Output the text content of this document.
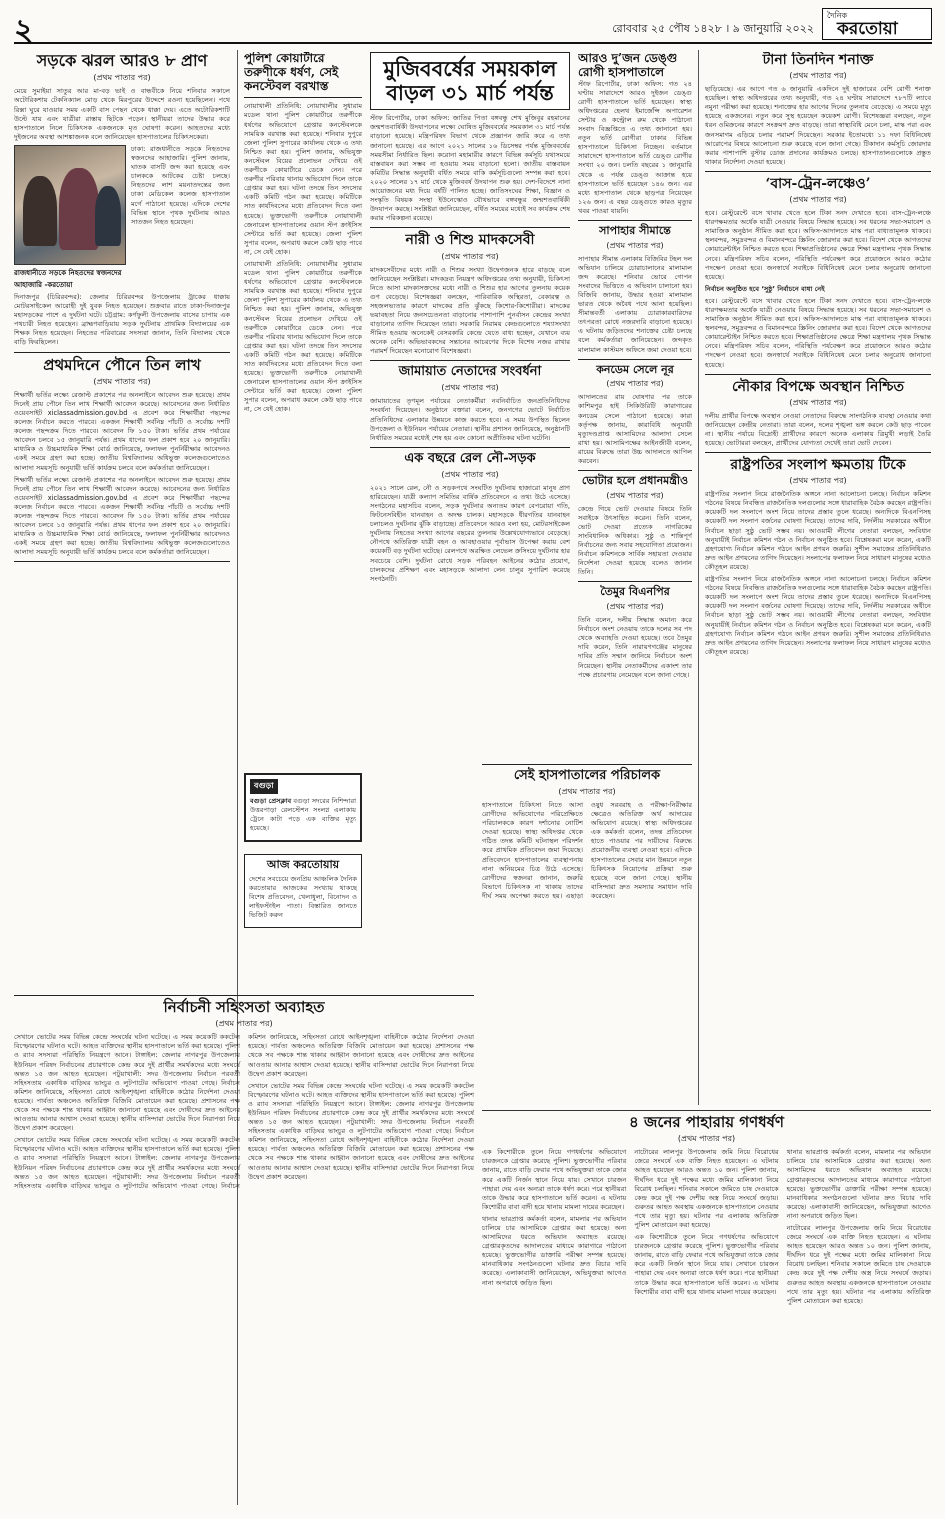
২	রোববার ২৫ পৌষ ১৪২৮ । ৯ জানুয়ারি ২০২২
দৈনিক
করতোয়া
সড়কে ঝরল আরও ৮ প্রাণ
(প্রথম পাতার পর)

মেয়ে সুমাইয়া সাতুর আর মা-বড় ভাই ও বান্ধবীকে নিয়ে শনিবার সকালে অটোরিকশায় টেকনিক্যাল মোড় থেকে মিরপুরের উদ্দেশে রওনা হয়েছিলেন। পথে রিক্সা ঘুরে যাওয়ার সময় একটি বাস পেছন থেকে ধাক্কা দেয়। এতে অটোরিকশাটি উল্টে যায় এবং যাত্রীরা রাস্তায় ছিটকে পড়েন। স্থানীয়রা তাদের উদ্ধার করে হাসপাতালে নিলে চিকিৎসক একজনকে মৃত ঘোষণা করেন। আহতদের মধ্যে দুইজনের অবস্থা আশঙ্কাজনক বলে জানিয়েছেন হাসপাতালের চিকিৎসকেরা।

রাজধানীতে সড়কে নিহতদের স্বজনদের আহাজারি -করতোয়া

ঢাকা: রাজধানীতে সড়কে নিহতদের স্বজনদের আহাজারি। পুলিশ জানায়, ঘাতক বাসটি জব্দ করা হয়েছে এবং চালককে আটকের চেষ্টা চলছে। নিহতদের লাশ ময়নাতদন্তের জন্য ঢাকা মেডিকেল কলেজ হাসপাতাল মর্গে পাঠানো হয়েছে। এদিকে দেশের বিভিন্ন স্থানে পৃথক দুর্ঘটনায় আরও সাতজন নিহত হয়েছেন।

দিনাজপুর (চিরিরবন্দর): জেলার চিরিরবন্দর উপজেলায় ট্রাকের ধাক্কায় মোটরসাইকেল আরোহী দুই যুবক নিহত হয়েছেন। শুক্রবার রাতে ঢাকা-দিনাজপুর মহাসড়কের পাশে এ দুর্ঘটনা ঘটে। চট্টগ্রাম: কর্ণফুলী উপজেলায় বাসের চাপায় এক পথচারী নিহত হয়েছেন। ব্রাহ্মণবাড়িয়ায় সড়ক দুর্ঘটনায় প্রাথমিক বিদ্যালয়ের এক শিক্ষক নিহত হয়েছেন। নিহতের পরিবারের সদস্যরা জানান, তিনি বিদ্যালয় থেকে বাড়ি ফিরছিলেন।

প্রথমদিনে পৌনে তিন লাখ
(প্রথম পাতার পর)

শিক্ষার্থী ভর্তির লক্ষ্যে রেজাল্ট প্রকাশের পর অনলাইনে আবেদন শুরু হয়েছে। প্রথম দিনেই প্রায় পৌনে তিন লাখ শিক্ষার্থী আবেদন করেছে। আবেদনের জন্য নির্ধারিত ওয়েবসাইট xiclassadmission.gov.bd এ প্রবেশ করে শিক্ষার্থীরা পছন্দের কলেজ নির্বাচন করতে পারবে। একজন শিক্ষার্থী সর্বনিম্ন পাঁচটি ও সর্বোচ্চ দশটি কলেজ পছন্দক্রম দিতে পারবে। আবেদন ফি ১৫০ টাকা। ভর্তির প্রথম পর্যায়ের আবেদন চলবে ১৫ জানুয়ারি পর্যন্ত। প্রথম ধাপের ফল প্রকাশ হবে ২০ জানুয়ারি। মাধ্যমিক ও উচ্চমাধ্যমিক শিক্ষা বোর্ড জানিয়েছে, ফলাফল পুনর্নিরীক্ষার আবেদনও একই সময়ে গ্রহণ করা হচ্ছে। জাতীয় বিশ্ববিদ্যালয় অধিভুক্ত কলেজগুলোতেও আলাদা সময়সূচি অনুযায়ী ভর্তি কার্যক্রম চলবে বলে কর্মকর্তারা জানিয়েছেন।

শিক্ষার্থী ভর্তির লক্ষ্যে রেজাল্ট প্রকাশের পর অনলাইনে আবেদন শুরু হয়েছে। প্রথম দিনেই প্রায় পৌনে তিন লাখ শিক্ষার্থী আবেদন করেছে। আবেদনের জন্য নির্ধারিত ওয়েবসাইট xiclassadmission.gov.bd এ প্রবেশ করে শিক্ষার্থীরা পছন্দের কলেজ নির্বাচন করতে পারবে। একজন শিক্ষার্থী সর্বনিম্ন পাঁচটি ও সর্বোচ্চ দশটি কলেজ পছন্দক্রম দিতে পারবে। আবেদন ফি ১৫০ টাকা। ভর্তির প্রথম পর্যায়ের আবেদন চলবে ১৫ জানুয়ারি পর্যন্ত। প্রথম ধাপের ফল প্রকাশ হবে ২০ জানুয়ারি। মাধ্যমিক ও উচ্চমাধ্যমিক শিক্ষা বোর্ড জানিয়েছে, ফলাফল পুনর্নিরীক্ষার আবেদনও একই সময়ে গ্রহণ করা হচ্ছে। জাতীয় বিশ্ববিদ্যালয় অধিভুক্ত কলেজগুলোতেও আলাদা সময়সূচি অনুযায়ী ভর্তি কার্যক্রম চলবে বলে কর্মকর্তারা জানিয়েছেন।

নির্বাচনী সহিংসতা অব্যাহত
(প্রথম পাতার পর)

সেখানে ভোটের সময় বিভিন্ন কেন্দ্রে সংঘর্ষের ঘটনা ঘটেছে। এ সময় কয়েকটি ককটেল বিস্ফোরণের ঘটনাও ঘটে। আহত ব্যক্তিদের স্থানীয় হাসপাতালে ভর্তি করা হয়েছে। পুলিশ ও র‌্যাব সদস্যরা পরিস্থিতি নিয়ন্ত্রণে আনে। টাঙ্গাইল: জেলার নাগরপুর উপজেলায় ইউনিয়ন পরিষদ নির্বাচনের প্রচারণাকে কেন্দ্র করে দুই প্রার্থীর সমর্থকদের মধ্যে সংঘর্ষে অন্তত ১৫ জন আহত হয়েছেন। পটুয়াখালী: সদর উপজেলায় নির্বাচন পরবর্তী সহিংসতায় একাধিক বাড়িঘর ভাংচুর ও লুটপাটের অভিযোগ পাওয়া গেছে। নির্বাচন কমিশন জানিয়েছে, সহিংসতা রোধে আইনশৃঙ্খলা বাহিনীকে কঠোর নির্দেশনা দেওয়া হয়েছে। পার্বত্য অঞ্চলেও অতিরিক্ত বিজিবি মোতায়েন করা হয়েছে। প্রশাসনের পক্ষ থেকে সব পক্ষকে শান্ত থাকার আহ্বান জানানো হয়েছে এবং দোষীদের দ্রুত আইনের আওতায় আনার আশ্বাস দেওয়া হয়েছে। স্থানীয় বাসিন্দারা ভোটের দিনে নিরাপত্তা নিয়ে উদ্বেগ প্রকাশ করেছেন।

সেখানে ভোটের সময় বিভিন্ন কেন্দ্রে সংঘর্ষের ঘটনা ঘটেছে। এ সময় কয়েকটি ককটেল বিস্ফোরণের ঘটনাও ঘটে। আহত ব্যক্তিদের স্থানীয় হাসপাতালে ভর্তি করা হয়েছে। পুলিশ ও র‌্যাব সদস্যরা পরিস্থিতি নিয়ন্ত্রণে আনে। টাঙ্গাইল: জেলার নাগরপুর উপজেলায় ইউনিয়ন পরিষদ নির্বাচনের প্রচারণাকে কেন্দ্র করে দুই প্রার্থীর সমর্থকদের মধ্যে সংঘর্ষে অন্তত ১৫ জন আহত হয়েছেন। পটুয়াখালী: সদর উপজেলায় নির্বাচন পরবর্তী সহিংসতায় একাধিক বাড়িঘর ভাংচুর ও লুটপাটের অভিযোগ পাওয়া গেছে। নির্বাচন কমিশন জানিয়েছে, সহিংসতা রোধে আইনশৃঙ্খলা বাহিনীকে কঠোর নির্দেশনা দেওয়া হয়েছে। পার্বত্য অঞ্চলেও অতিরিক্ত বিজিবি মোতায়েন করা হয়েছে। প্রশাসনের পক্ষ থেকে সব পক্ষকে শান্ত থাকার আহ্বান জানানো হয়েছে এবং দোষীদের দ্রুত আইনের আওতায় আনার আশ্বাস দেওয়া হয়েছে। স্থানীয় বাসিন্দারা ভোটের দিনে নিরাপত্তা নিয়ে উদ্বেগ প্রকাশ করেছেন।

সেখানে ভোটের সময় বিভিন্ন কেন্দ্রে সংঘর্ষের ঘটনা ঘটেছে। এ সময় কয়েকটি ককটেল বিস্ফোরণের ঘটনাও ঘটে। আহত ব্যক্তিদের স্থানীয় হাসপাতালে ভর্তি করা হয়েছে। পুলিশ ও র‌্যাব সদস্যরা পরিস্থিতি নিয়ন্ত্রণে আনে। টাঙ্গাইল: জেলার নাগরপুর উপজেলায় ইউনিয়ন পরিষদ নির্বাচনের প্রচারণাকে কেন্দ্র করে দুই প্রার্থীর সমর্থকদের মধ্যে সংঘর্ষে অন্তত ১৫ জন আহত হয়েছেন। পটুয়াখালী: সদর উপজেলায় নির্বাচন পরবর্তী সহিংসতায় একাধিক বাড়িঘর ভাংচুর ও লুটপাটের অভিযোগ পাওয়া গেছে। নির্বাচন কমিশন জানিয়েছে, সহিংসতা রোধে আইনশৃঙ্খলা বাহিনীকে কঠোর নির্দেশনা দেওয়া হয়েছে। পার্বত্য অঞ্চলেও অতিরিক্ত বিজিবি মোতায়েন করা হয়েছে। প্রশাসনের পক্ষ থেকে সব পক্ষকে শান্ত থাকার আহ্বান জানানো হয়েছে এবং দোষীদের দ্রুত আইনের আওতায় আনার আশ্বাস দেওয়া হয়েছে। স্থানীয় বাসিন্দারা ভোটের দিনে নিরাপত্তা নিয়ে উদ্বেগ প্রকাশ করেছেন।

পুলিশ কোয়ার্টারে তরুণীকে ধর্ষণ, সেই কনস্টেবল বরখাস্ত

নোয়াখালী প্রতিনিধি: নোয়াখালীর সুধারাম মডেল থানা পুলিশ কোয়ার্টারে তরুণীকে ধর্ষণের অভিযোগে গ্রেপ্তার কনস্টেবলকে সাময়িক বরখাস্ত করা হয়েছে। শনিবার দুপুরে জেলা পুলিশ সুপারের কার্যালয় থেকে এ তথ্য নিশ্চিত করা হয়। পুলিশ জানায়, অভিযুক্ত কনস্টেবল বিয়ের প্রলোভন দেখিয়ে ওই তরুণীকে কোয়ার্টারে ডেকে নেন। পরে তরুণীর পরিবার থানায় অভিযোগ দিলে তাকে গ্রেপ্তার করা হয়। ঘটনা তদন্তে তিন সদস্যের একটি কমিটি গঠন করা হয়েছে। কমিটিকে সাত কার্যদিবসের মধ্যে প্রতিবেদন দিতে বলা হয়েছে। ভুক্তভোগী তরুণীকে নোয়াখালী জেনারেল হাসপাতালের ওয়ান স্টপ ক্রাইসিস সেন্টারে ভর্তি করা হয়েছে। জেলা পুলিশ সুপার বলেন, অপরাধ করলে কেউ ছাড় পাবে না, সে যেই হোক।

নোয়াখালী প্রতিনিধি: নোয়াখালীর সুধারাম মডেল থানা পুলিশ কোয়ার্টারে তরুণীকে ধর্ষণের অভিযোগে গ্রেপ্তার কনস্টেবলকে সাময়িক বরখাস্ত করা হয়েছে। শনিবার দুপুরে জেলা পুলিশ সুপারের কার্যালয় থেকে এ তথ্য নিশ্চিত করা হয়। পুলিশ জানায়, অভিযুক্ত কনস্টেবল বিয়ের প্রলোভন দেখিয়ে ওই তরুণীকে কোয়ার্টারে ডেকে নেন। পরে তরুণীর পরিবার থানায় অভিযোগ দিলে তাকে গ্রেপ্তার করা হয়। ঘটনা তদন্তে তিন সদস্যের একটি কমিটি গঠন করা হয়েছে। কমিটিকে সাত কার্যদিবসের মধ্যে প্রতিবেদন দিতে বলা হয়েছে। ভুক্তভোগী তরুণীকে নোয়াখালী জেনারেল হাসপাতালের ওয়ান স্টপ ক্রাইসিস সেন্টারে ভর্তি করা হয়েছে। জেলা পুলিশ সুপার বলেন, অপরাধ করলে কেউ ছাড় পাবে না, সে যেই হোক।

বগুড়া

বগুড়া প্রেসক্লাব বগুড়া সদরের নিশিন্দারা উত্তরপাড়া রেলস্টেশন সংলগ্ন এলাকায় ট্রেনে কাটা পড়ে এক ব্যক্তির মৃত্যু হয়েছে।

আজ করতোয়ায়

দেশের সবচেয়ে জনপ্রিয় আঞ্চলিক দৈনিক করতোয়ার আজকের সংখ্যায় থাকছে বিশেষ প্রতিবেদন, খেলাধুলা, বিনোদন ও লাইফস্টাইল পাতা। বিস্তারিত জানতে ভিজিট করুন

মুজিববর্ষের সময়কাল বাড়ল ৩১ মার্চ পর্যন্ত

স্টাফ রিপোর্টার, ঢাকা অফিস: জাতির পিতা বঙ্গবন্ধু শেখ মুজিবুর রহমানের জন্মশতবার্ষিকী উদযাপনের লক্ষ্যে ঘোষিত মুজিববর্ষের সময়কাল ৩১ মার্চ পর্যন্ত বাড়ানো হয়েছে। মন্ত্রিপরিষদ বিভাগ থেকে প্রজ্ঞাপন জারি করে এ তথ্য জানানো হয়েছে। এর আগে ২০২১ সালের ১৬ ডিসেম্বর পর্যন্ত মুজিববর্ষের সময়সীমা নির্ধারিত ছিল। করোনা মহামারীর কারণে বিভিন্ন কর্মসূচি যথাসময়ে বাস্তবায়ন করা সম্ভব না হওয়ায় সময় বাড়ানো হলো। জাতীয় বাস্তবায়ন কমিটির সিদ্ধান্ত অনুযায়ী বর্ধিত সময়ে বাকি কর্মসূচিগুলো সম্পন্ন করা হবে। ২০২০ সালের ১৭ মার্চ থেকে মুজিববর্ষ উদযাপন শুরু হয়। দেশ-বিদেশে নানা আয়োজনের মধ্য দিয়ে বর্ষটি পালিত হচ্ছে। জাতিসংঘের শিক্ষা, বিজ্ঞান ও সংস্কৃতি বিষয়ক সংস্থা ইউনেস্কোও যৌথভাবে বঙ্গবন্ধুর জন্মশতবার্ষিকী উদযাপন করছে। সংশ্লিষ্টরা জানিয়েছেন, বর্ধিত সময়ের মধ্যেই সব কার্যক্রম শেষ করার পরিকল্পনা রয়েছে।

নারী ও শিশু মাদকসেবী
(প্রথম পাতার পর)

মাদকসেবীদের মধ্যে নারী ও শিশুর সংখ্যা উদ্বেগজনক হারে বাড়ছে বলে জানিয়েছেন সংশ্লিষ্টরা। মাদকদ্রব্য নিয়ন্ত্রণ অধিদপ্তরের তথ্য অনুযায়ী, চিকিৎসা নিতে আসা মাদকাসক্তদের মধ্যে নারী ও শিশুর হার আগের তুলনায় কয়েক গুণ বেড়েছে। বিশেষজ্ঞরা বলছেন, পারিবারিক অস্থিরতা, বেকারত্ব ও সহজলভ্যতার কারণে মাদকের প্রতি ঝুঁকছে কিশোর-কিশোরীরা। মাদকের ভয়াবহতা নিয়ে জনসচেতনতা বাড়ানোর পাশাপাশি পুনর্বাসন কেন্দ্রের সংখ্যা বাড়ানোর তাগিদ দিয়েছেন তারা। সরকারি নিরাময় কেন্দ্রগুলোতে শয্যাসংখ্যা সীমিত হওয়ায় অনেকেই বেসরকারি কেন্দ্রে যেতে বাধ্য হচ্ছেন, যেখানে ব্যয় অনেক বেশি। অভিভাবকদের সন্তানের আচরণের দিকে বিশেষ নজর রাখার পরামর্শ দিয়েছেন মনোরোগ বিশেষজ্ঞরা।

জামায়াত নেতাদের সংবর্ধনা
(প্রথম পাতার পর)

জামায়াতের তৃণমূল পর্যায়ের নেতাকর্মীরা নবনির্বাচিত জনপ্রতিনিধিদের সংবর্ধনা দিয়েছেন। অনুষ্ঠানে বক্তারা বলেন, জনগণের ভোটে নির্বাচিত প্রতিনিধিদের এলাকার উন্নয়নে কাজ করতে হবে। এ সময় উপস্থিত ছিলেন উপজেলা ও ইউনিয়ন পর্যায়ের নেতারা। স্থানীয় প্রশাসন জানিয়েছে, অনুষ্ঠানটি নির্ধারিত সময়ের মধ্যেই শেষ হয় এবং কোনো অপ্রীতিকর ঘটনা ঘটেনি।

এক বছরে রেল নৌ-সড়ক
(প্রথম পাতার পর)

২০২১ সালে রেল, নৌ ও সড়কপথে সংঘটিত দুর্ঘটনায় হাজারো মানুষ প্রাণ হারিয়েছেন। যাত্রী কল্যাণ সমিতির বার্ষিক প্রতিবেদনে এ তথ্য উঠে এসেছে। সংগঠনের মহাসচিব বলেন, সড়ক দুর্ঘটনার অন্যতম কারণ বেপরোয়া গতি, ফিটনেসবিহীন যানবাহন ও অদক্ষ চালক। মহাসড়কে ধীরগতির যানবাহন চলাচলও দুর্ঘটনার ঝুঁকি বাড়াচ্ছে। প্রতিবেদনে আরও বলা হয়, মোটরসাইকেল দুর্ঘটনায় নিহতের সংখ্যা আগের বছরের তুলনায় উল্লেখযোগ্যভাবে বেড়েছে। নৌপথে অতিরিক্ত যাত্রী বহন ও আবহাওয়ার পূর্বাভাস উপেক্ষা করায় বেশ কয়েকটি বড় দুর্ঘটনা ঘটেছে। রেলপথে অরক্ষিত লেভেল ক্রসিংয়ে দুর্ঘটনার হার সবচেয়ে বেশি। দুর্ঘটনা রোধে সড়ক পরিবহন আইনের কঠোর প্রয়োগ, চালকদের প্রশিক্ষণ এবং মহাসড়কে আলাদা লেন চালুর সুপারিশ করেছে সংগঠনটি।

আরও দু’জন ডেঙ্গু রোগী হাসপাতালে

স্টাফ রিপোর্টার, ঢাকা অফিস: গত ২৪ ঘণ্টায় সারাদেশে আরও দুইজন ডেঙ্গু রোগী হাসপাতালে ভর্তি হয়েছেন। স্বাস্থ্য অধিদপ্তরের হেলথ ইমার্জেন্সি অপারেশন সেন্টার ও কন্ট্রোল রুম থেকে পাঠানো সংবাদ বিজ্ঞপ্তিতে এ তথ্য জানানো হয়। নতুন ভর্তি রোগীরা ঢাকার বিভিন্ন হাসপাতালে চিকিৎসা নিচ্ছেন। বর্তমানে সারাদেশে হাসপাতালে ভর্তি ডেঙ্গু রোগীর সংখ্যা ২০ জন। চলতি বছরের ১ জানুয়ারি থেকে এ পর্যন্ত ডেঙ্গু আক্রান্ত হয়ে হাসপাতালে ভর্তি হয়েছেন ১৪৬ জন। এর মধ্যে হাসপাতাল থেকে ছাড়পত্র নিয়েছেন ১২৬ জন। এ বছর ডেঙ্গুতে কারও মৃত্যুর খবর পাওয়া যায়নি।

সাপাহার সীমান্তে
(প্রথম পাতার পর)

সাপাহার সীমান্ত এলাকায় বিজিবির টহল দল অভিযান চালিয়ে চোরাচালানের মালামাল জব্দ করেছে। শনিবার ভোরে গোপন সংবাদের ভিত্তিতে এ অভিযান চালানো হয়। বিজিবি জানায়, উদ্ধার হওয়া মালামাল ভারত থেকে অবৈধ পথে আনা হয়েছিল। সীমান্তবর্তী এলাকায় চোরাকারবারিদের তৎপরতা রোধে নজরদারি বাড়ানো হয়েছে। এ ঘটনায় জড়িতদের শনাক্তের চেষ্টা চলছে বলে কর্মকর্তারা জানিয়েছেন। জব্দকৃত মালামাল কাস্টমস অফিসে জমা দেওয়া হবে।

কনডেম সেলে নূর
(প্রথম পাতার পর)

আদালতের রায় ঘোষণার পর তাকে কাশিমপুর হাই সিকিউরিটি কারাগারের কনডেম সেলে পাঠানো হয়েছে। কারা কর্তৃপক্ষ জানায়, কারাবিধি অনুযায়ী মৃত্যুদণ্ডপ্রাপ্ত আসামিদের আলাদা সেলে রাখা হয়। আসামিপক্ষের আইনজীবী বলেন, রায়ের বিরুদ্ধে তারা উচ্চ আদালতে আপিল করবেন।

ভোটার হলে প্রধানমন্ত্রীও
(প্রথম পাতার পর)

কেন্দ্রে গিয়ে ভোট দেওয়ার বিষয়ে তিনি সবাইকে উৎসাহিত করেন। তিনি বলেন, ভোট দেওয়া প্রত্যেক নাগরিকের সাংবিধানিক অধিকার। সুষ্ঠু ও শান্তিপূর্ণ নির্বাচনের জন্য সবার সহযোগিতা প্রয়োজন। নির্বাচন কমিশনকে সার্বিক সহায়তা দেওয়ার নির্দেশনা দেওয়া হয়েছে বলেও জানান তিনি।

তৈমুর বিএনপির
(প্রথম পাতার পর)

তিনি বলেন, দলীয় সিদ্ধান্ত অমান্য করে নির্বাচনে অংশ নেওয়ায় তাকে দলের সব পদ থেকে অব্যাহতি দেওয়া হয়েছে। তবে তৈমুর দাবি করেন, তিনি নারায়ণগঞ্জের মানুষের দাবির প্রতি সম্মান জানিয়ে নির্বাচনে অংশ নিয়েছেন। স্থানীয় নেতাকর্মীদের একাংশ তার পক্ষে প্রচারণায় নেমেছেন বলে জানা গেছে।

টানা তিনদিন শনাক্ত
(প্রথম পাতার পর)

ছাড়িয়েছে। এর আগে গত ৬ জানুয়ারি একদিনে দুই হাজারের বেশি রোগী শনাক্ত হয়েছিল। স্বাস্থ্য অধিদপ্তরের তথ্য অনুযায়ী, গত ২৪ ঘণ্টায় সারাদেশে ৭৮৭টি ল্যাবে নমুনা পরীক্ষা করা হয়েছে। শনাক্তের হার আগের দিনের তুলনায় বেড়েছে। এ সময়ে মৃত্যু হয়েছে একজনের। নতুন করে সুস্থ হয়েছেন কয়েকশ রোগী। বিশেষজ্ঞরা বলছেন, নতুন ধরন ওমিক্রনের কারণে সংক্রমণ দ্রুত বাড়ছে। তারা স্বাস্থ্যবিধি মেনে চলা, মাস্ক পরা এবং জনসমাগম এড়িয়ে চলার পরামর্শ দিয়েছেন। সরকার ইতোমধ্যে ১১ দফা বিধিনিষেধ আরোপের বিষয়ে আলোচনা শুরু করেছে বলে জানা গেছে। টিকাদান কর্মসূচি জোরদার করার পাশাপাশি বুস্টার ডোজ প্রদানের কার্যক্রমও চলছে। হাসপাতালগুলোকে প্রস্তুত থাকার নির্দেশনা দেওয়া হয়েছে।

‘বাস-ট্রেন-লঞ্চেও’
(প্রথম পাতার পর)

হবে। রেস্টুরেন্টে বসে খাবার খেতে হলে টিকা সনদ দেখাতে হবে। বাস-ট্রেন-লঞ্চে ধারণক্ষমতার অর্ধেক যাত্রী নেওয়ার বিষয়ে সিদ্ধান্ত হয়েছে। সব ধরনের সভা-সমাবেশ ও সামাজিক অনুষ্ঠান সীমিত করা হবে। অফিস-আদালতে মাস্ক পরা বাধ্যতামূলক থাকবে। স্থলবন্দর, সমুদ্রবন্দর ও বিমানবন্দরে স্ক্রিনিং জোরদার করা হবে। বিদেশ থেকে আগতদের কোয়ারেন্টাইন নিশ্চিত করতে হবে। শিক্ষাপ্রতিষ্ঠানের ক্ষেত্রে শিক্ষা মন্ত্রণালয় পৃথক সিদ্ধান্ত নেবে। মন্ত্রিপরিষদ সচিব বলেন, পরিস্থিতি পর্যবেক্ষণ করে প্রয়োজনে আরও কঠোর পদক্ষেপ নেওয়া হবে। জনস্বার্থে সবাইকে বিধিনিষেধ মেনে চলার অনুরোধ জানানো হয়েছে।

নির্বাচন অনুষ্ঠিত হবে ‘সুষ্ঠু’ নির্বাচনে বাধা নেই

হবে। রেস্টুরেন্টে বসে খাবার খেতে হলে টিকা সনদ দেখাতে হবে। বাস-ট্রেন-লঞ্চে ধারণক্ষমতার অর্ধেক যাত্রী নেওয়ার বিষয়ে সিদ্ধান্ত হয়েছে। সব ধরনের সভা-সমাবেশ ও সামাজিক অনুষ্ঠান সীমিত করা হবে। অফিস-আদালতে মাস্ক পরা বাধ্যতামূলক থাকবে। স্থলবন্দর, সমুদ্রবন্দর ও বিমানবন্দরে স্ক্রিনিং জোরদার করা হবে। বিদেশ থেকে আগতদের কোয়ারেন্টাইন নিশ্চিত করতে হবে। শিক্ষাপ্রতিষ্ঠানের ক্ষেত্রে শিক্ষা মন্ত্রণালয় পৃথক সিদ্ধান্ত নেবে। মন্ত্রিপরিষদ সচিব বলেন, পরিস্থিতি পর্যবেক্ষণ করে প্রয়োজনে আরও কঠোর পদক্ষেপ নেওয়া হবে। জনস্বার্থে সবাইকে বিধিনিষেধ মেনে চলার অনুরোধ জানানো হয়েছে।

নৌকার বিপক্ষে অবস্থান নিশ্চিত
(প্রথম পাতার পর)

দলীয় প্রার্থীর বিপক্ষে অবস্থান নেওয়া নেতাদের বিরুদ্ধে সাংগঠনিক ব্যবস্থা নেওয়ার কথা জানিয়েছেন কেন্দ্রীয় নেতারা। তারা বলেন, দলের শৃঙ্খলা ভঙ্গ করলে কেউ ছাড় পাবেন না। স্থানীয় পর্যায়ে বিদ্রোহী প্রার্থীদের কারণে অনেক এলাকায় ত্রিমুখী লড়াই তৈরি হয়েছে। ভোটাররা বলছেন, প্রার্থীদের যোগ্যতা দেখেই তারা ভোট দেবেন।

রাষ্ট্রপতির সংলাপ ক্ষমতায় টিকে
(প্রথম পাতার পর)

রাষ্ট্রপতির সংলাপ নিয়ে রাজনৈতিক অঙ্গনে নানা আলোচনা চলছে। নির্বাচন কমিশন গঠনের বিষয়ে নিবন্ধিত রাজনৈতিক দলগুলোর সঙ্গে ধারাবাহিক বৈঠক করছেন রাষ্ট্রপতি। কয়েকটি দল সংলাপে অংশ নিয়ে তাদের প্রস্তাব তুলে ধরেছে। অন্যদিকে বিএনপিসহ কয়েকটি দল সংলাপ বর্জনের ঘোষণা দিয়েছে। তাদের দাবি, নির্দলীয় সরকারের অধীনে নির্বাচন ছাড়া সুষ্ঠু ভোট সম্ভব নয়। আওয়ামী লীগের নেতারা বলছেন, সংবিধান অনুযায়ীই নির্বাচন কমিশন গঠন ও নির্বাচন অনুষ্ঠিত হবে। বিশ্লেষকরা মনে করেন, একটি গ্রহণযোগ্য নির্বাচন কমিশন গঠনে আইন প্রণয়ন জরুরি। সুশীল সমাজের প্রতিনিধিরাও দ্রুত আইন প্রণয়নের তাগিদ দিয়েছেন। সংলাপের ফলাফল নিয়ে সাধারণ মানুষের মধ্যেও কৌতূহল রয়েছে।

রাষ্ট্রপতির সংলাপ নিয়ে রাজনৈতিক অঙ্গনে নানা আলোচনা চলছে। নির্বাচন কমিশন গঠনের বিষয়ে নিবন্ধিত রাজনৈতিক দলগুলোর সঙ্গে ধারাবাহিক বৈঠক করছেন রাষ্ট্রপতি। কয়েকটি দল সংলাপে অংশ নিয়ে তাদের প্রস্তাব তুলে ধরেছে। অন্যদিকে বিএনপিসহ কয়েকটি দল সংলাপ বর্জনের ঘোষণা দিয়েছে। তাদের দাবি, নির্দলীয় সরকারের অধীনে নির্বাচন ছাড়া সুষ্ঠু ভোট সম্ভব নয়। আওয়ামী লীগের নেতারা বলছেন, সংবিধান অনুযায়ীই নির্বাচন কমিশন গঠন ও নির্বাচন অনুষ্ঠিত হবে। বিশ্লেষকরা মনে করেন, একটি গ্রহণযোগ্য নির্বাচন কমিশন গঠনে আইন প্রণয়ন জরুরি। সুশীল সমাজের প্রতিনিধিরাও দ্রুত আইন প্রণয়নের তাগিদ দিয়েছেন। সংলাপের ফলাফল নিয়ে সাধারণ মানুষের মধ্যেও কৌতূহল রয়েছে।

সেই হাসপাতালের পরিচালক
(প্রথম পাতার পর)

হাসপাতালে চিকিৎসা নিতে আসা রোগীদের অভিযোগের পরিপ্রেক্ষিতে পরিচালককে কারণ দর্শানোর নোটিশ দেওয়া হয়েছে। স্বাস্থ্য অধিদপ্তর থেকে গঠিত তদন্ত কমিটি ঘটনাস্থল পরিদর্শন করে প্রাথমিক প্রতিবেদন জমা দিয়েছে। প্রতিবেদনে হাসপাতালের ব্যবস্থাপনায় নানা অনিয়মের চিত্র উঠে এসেছে। রোগীদের স্বজনরা জানান, জরুরি বিভাগে চিকিৎসক না থাকায় তাদের দীর্ঘ সময় অপেক্ষা করতে হয়। এছাড়া ওষুধ সরবরাহ ও পরীক্ষা-নিরীক্ষার ক্ষেত্রেও অতিরিক্ত অর্থ আদায়ের অভিযোগ রয়েছে। স্বাস্থ্য অধিদপ্তরের এক কর্মকর্তা বলেন, তদন্ত প্রতিবেদন হাতে পাওয়ার পর দায়ীদের বিরুদ্ধে প্রয়োজনীয় ব্যবস্থা নেওয়া হবে। এদিকে হাসপাতালের সেবার মান উন্নয়নে নতুন চিকিৎসক নিয়োগের প্রক্রিয়া শুরু হয়েছে বলে জানা গেছে। স্থানীয় বাসিন্দারা দ্রুত সমস্যার সমাধান দাবি করেছেন।

৪ জনের পাহারায় গণধর্ষণ
(প্রথম পাতার পর)

এক কিশোরীকে তুলে নিয়ে গণধর্ষণের অভিযোগে চারজনকে গ্রেপ্তার করেছে পুলিশ। ভুক্তভোগীর পরিবার জানায়, রাতে বাড়ি ফেরার পথে অভিযুক্তরা তাকে জোর করে একটি নির্জন স্থানে নিয়ে যায়। সেখানে চারজন পাহারা দেয় এবং অন্যরা তাকে ধর্ষণ করে। পরে স্থানীয়রা তাকে উদ্ধার করে হাসপাতালে ভর্তি করেন। এ ঘটনায় কিশোরীর বাবা বাদী হয়ে থানায় মামলা দায়ের করেছেন।

থানার ভারপ্রাপ্ত কর্মকর্তা বলেন, মামলার পর অভিযান চালিয়ে চার আসামিকে গ্রেপ্তার করা হয়েছে। অন্য আসামিদের ধরতে অভিযান অব্যাহত রয়েছে। গ্রেপ্তারকৃতদের আদালতের মাধ্যমে কারাগারে পাঠানো হয়েছে। ভুক্তভোগীর ডাক্তারি পরীক্ষা সম্পন্ন হয়েছে। মানবাধিকার সংগঠনগুলো ঘটনার দ্রুত বিচার দাবি করেছে। এলাকাবাসী জানিয়েছেন, অভিযুক্তরা আগেও নানা অপরাধে জড়িত ছিল।

নাটোরের লালপুর উপজেলায় জমি নিয়ে বিরোধের জেরে সংঘর্ষে এক ব্যক্তি নিহত হয়েছেন। এ ঘটনায় আহত হয়েছেন আরও অন্তত ১০ জন। পুলিশ জানায়, দীর্ঘদিন ধরে দুই পক্ষের মধ্যে জমির মালিকানা নিয়ে বিরোধ চলছিল। শনিবার সকালে জমিতে চাষ দেওয়াকে কেন্দ্র করে দুই পক্ষ দেশীয় অস্ত্র নিয়ে সংঘর্ষে জড়ায়। গুরুতর আহত অবস্থায় একজনকে হাসপাতালে নেওয়ার পথে তার মৃত্যু হয়। ঘটনার পর এলাকায় অতিরিক্ত পুলিশ মোতায়েন করা হয়েছে।

এক কিশোরীকে তুলে নিয়ে গণধর্ষণের অভিযোগে চারজনকে গ্রেপ্তার করেছে পুলিশ। ভুক্তভোগীর পরিবার জানায়, রাতে বাড়ি ফেরার পথে অভিযুক্তরা তাকে জোর করে একটি নির্জন স্থানে নিয়ে যায়। সেখানে চারজন পাহারা দেয় এবং অন্যরা তাকে ধর্ষণ করে। পরে স্থানীয়রা তাকে উদ্ধার করে হাসপাতালে ভর্তি করেন। এ ঘটনায় কিশোরীর বাবা বাদী হয়ে থানায় মামলা দায়ের করেছেন।

থানার ভারপ্রাপ্ত কর্মকর্তা বলেন, মামলার পর অভিযান চালিয়ে চার আসামিকে গ্রেপ্তার করা হয়েছে। অন্য আসামিদের ধরতে অভিযান অব্যাহত রয়েছে। গ্রেপ্তারকৃতদের আদালতের মাধ্যমে কারাগারে পাঠানো হয়েছে। ভুক্তভোগীর ডাক্তারি পরীক্ষা সম্পন্ন হয়েছে। মানবাধিকার সংগঠনগুলো ঘটনার দ্রুত বিচার দাবি করেছে। এলাকাবাসী জানিয়েছেন, অভিযুক্তরা আগেও নানা অপরাধে জড়িত ছিল।

নাটোরের লালপুর উপজেলায় জমি নিয়ে বিরোধের জেরে সংঘর্ষে এক ব্যক্তি নিহত হয়েছেন। এ ঘটনায় আহত হয়েছেন আরও অন্তত ১০ জন। পুলিশ জানায়, দীর্ঘদিন ধরে দুই পক্ষের মধ্যে জমির মালিকানা নিয়ে বিরোধ চলছিল। শনিবার সকালে জমিতে চাষ দেওয়াকে কেন্দ্র করে দুই পক্ষ দেশীয় অস্ত্র নিয়ে সংঘর্ষে জড়ায়। গুরুতর আহত অবস্থায় একজনকে হাসপাতালে নেওয়ার পথে তার মৃত্যু হয়। ঘটনার পর এলাকায় অতিরিক্ত পুলিশ মোতায়েন করা হয়েছে।
